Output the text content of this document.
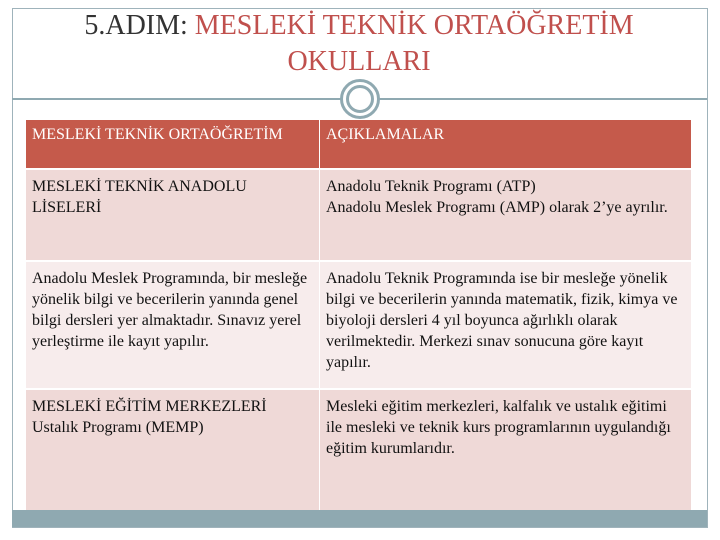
5.ADIM: MESLEKİ TEKNİK ORTAÖĞRETİM
OKULLARI
MESLEKİ TEKNİK ORTAÖĞRETİM	AÇIKLAMALAR
MESLEKİ TEKNİK ANADOLU LİSELERİ
Anadolu Teknik Programı (ATP)
Anadolu Meslek Programı (AMP) olarak 2’ye ayrılır.
Anadolu Meslek Programında, bir mesleğe yönelik bilgi ve becerilerin yanında genel bilgi dersleri yer almaktadır. Sınavız yerel yerleştirme ile kayıt yapılır.
Anadolu Teknik Programında ise bir mesleğe yönelik bilgi ve becerilerin yanında matematik, fizik, kimya ve biyoloji dersleri 4 yıl boyunca ağırlıklı olarak verilmektedir. Merkezi sınav sonucuna göre kayıt yapılır.
MESLEKİ EĞİTİM MERKEZLERİ
Ustalık Programı (MEMP)
Mesleki eğitim merkezleri, kalfalık ve ustalık eğitimi ile mesleki ve teknik kurs programlarının uygulandığı eğitim kurumlarıdır.
